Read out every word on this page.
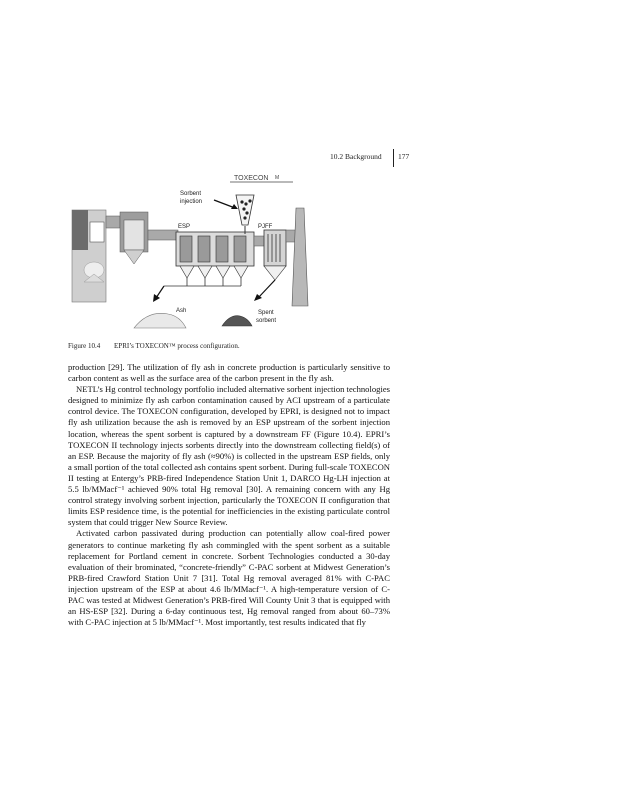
10.2 Background 177
TOXECON M
Sorbent
injection
ESP	PJFF
Ash	Spent
sorbent
Figure 10.4 EPRI’s TOXECON™ process configuration.

production [29]. The utilization of fly ash in concrete production is particularly sensitive to carbon content as well as the surface area of the carbon present in the fly ash.

NETL’s Hg control technology portfolio included alternative sorbent injection technologies designed to minimize fly ash carbon contamination caused by ACI upstream of a particulate control device. The TOXECON configuration, developed by EPRI, is designed not to impact fly ash utilization because the ash is removed by an ESP upstream of the sorbent injection location, whereas the spent sorbent is captured by a downstream FF (Figure 10.4). EPRI’s TOXECON II technology injects sorbents directly into the downstream collecting field(s) of an ESP. Because the majority of fly ash (≈90%) is collected in the upstream ESP fields, only a small portion of the total collected ash contains spent sorbent. During full-scale TOXECON II testing at Entergy’s PRB-fired Independence Station Unit 1, DARCO Hg-LH injection at 5.5 lb/MMacf⁻¹ achieved 90% total Hg removal [30]. A remaining concern with any Hg control strategy involving sorbent injection, particularly the TOXECON II configuration that limits ESP residence time, is the potential for inefficiencies in the existing particulate control system that could trigger New Source Review.

Activated carbon passivated during production can potentially allow coal-fired power generators to continue marketing fly ash commingled with the spent sorbent as a suitable replacement for Portland cement in concrete. Sorbent Technologies conducted a 30-day evaluation of their brominated, “concrete-friendly” C-PAC sorbent at Midwest Generation’s PRB-fired Crawford Station Unit 7 [31]. Total Hg removal averaged 81% with C-PAC injection upstream of the ESP at about 4.6 lb/MMacf⁻¹. A high-temperature version of C-PAC was tested at Midwest Generation’s PRB-fired Will County Unit 3 that is equipped with an HS-ESP [32]. During a 6-day continuous test, Hg removal ranged from about 60–73% with C-PAC injection at 5 lb/MMacf⁻¹. Most importantly, test results indicated that fly
